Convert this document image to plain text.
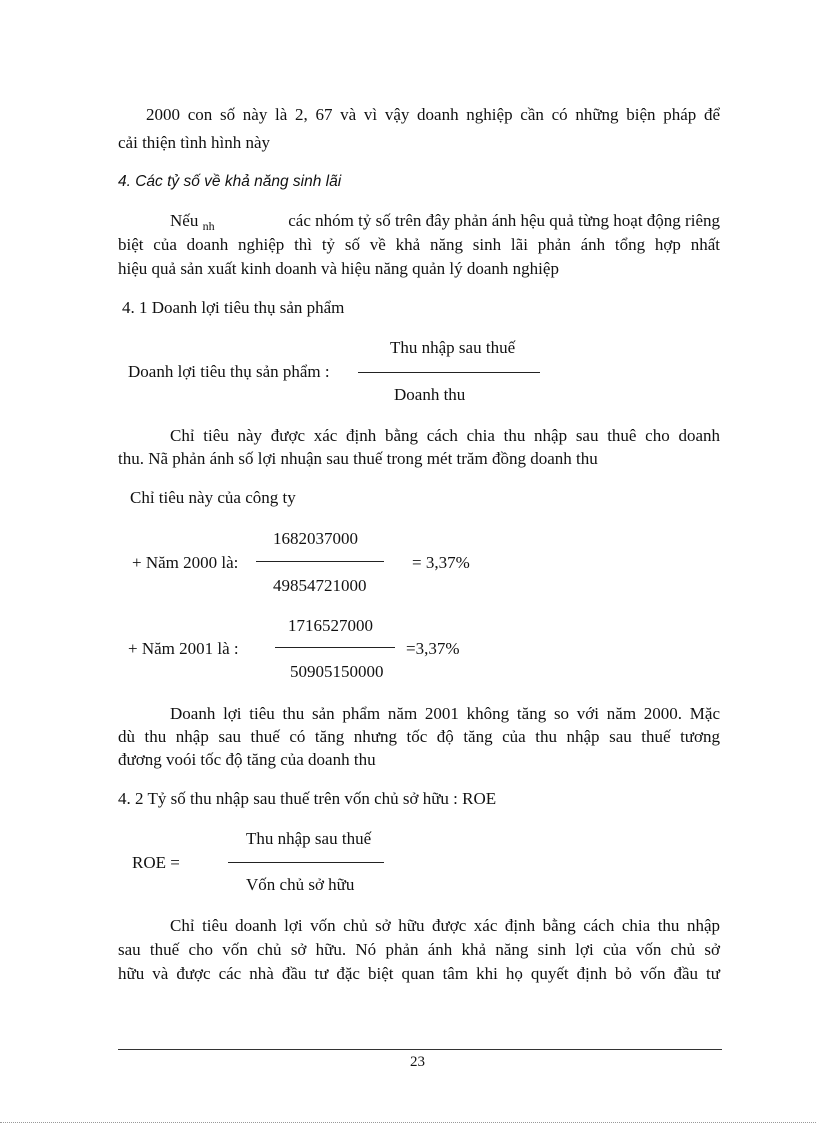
2000 con số này là 2, 67 và vì vậy doanh nghiệp cần có những biện pháp để
cải thiện tình hình này
4. Các tỷ số về khả năng sinh lãi
Nếu $_{nh}$	các nhóm tỷ số trên đây phản ánh hệu quả từng hoạt động riêng
biệt của doanh nghiệp thì tỷ số về khả năng sinh lãi phản ánh tổng hợp nhất
hiệu quả sản xuất kinh doanh và hiệu năng quản lý doanh nghiệp
4. 1 Doanh lợi tiêu thụ sản phẩm
Thu nhập sau thuế
Doanh lợi tiêu thụ sản phẩm :
Doanh thu
Chỉ tiêu này được xác định bằng cách chia thu nhập sau thuê cho doanh
thu. Nã phản ánh số lợi nhuận sau thuế trong mét trăm đồng doanh thu
Chỉ tiêu này của công ty
1682037000
+ Năm 2000 là:	= 3,37%
49854721000
1716527000
+ Năm 2001 là :	=3,37%
50905150000
Doanh lợi tiêu thu sản phẩm năm 2001 không tăng so với năm 2000. Mặc
dù thu nhập sau thuế có tăng nhưng tốc độ tăng của thu nhập sau thuế tương
đương voói tốc độ tăng của doanh thu
4. 2 Tỷ số thu nhập sau thuế trên vốn chủ sở hữu : ROE
Thu nhập sau thuế
ROE =
Vốn chủ sở hữu
Chỉ tiêu doanh lợi vốn chủ sở hữu được xác định bằng cách chia thu nhập
sau thuế cho vốn chủ sở hữu. Nó phản ánh khả năng sinh lợi của vốn chủ sở
hữu và được các nhà đầu tư đặc biệt quan tâm khi họ quyết định bỏ vốn đầu tư
23
